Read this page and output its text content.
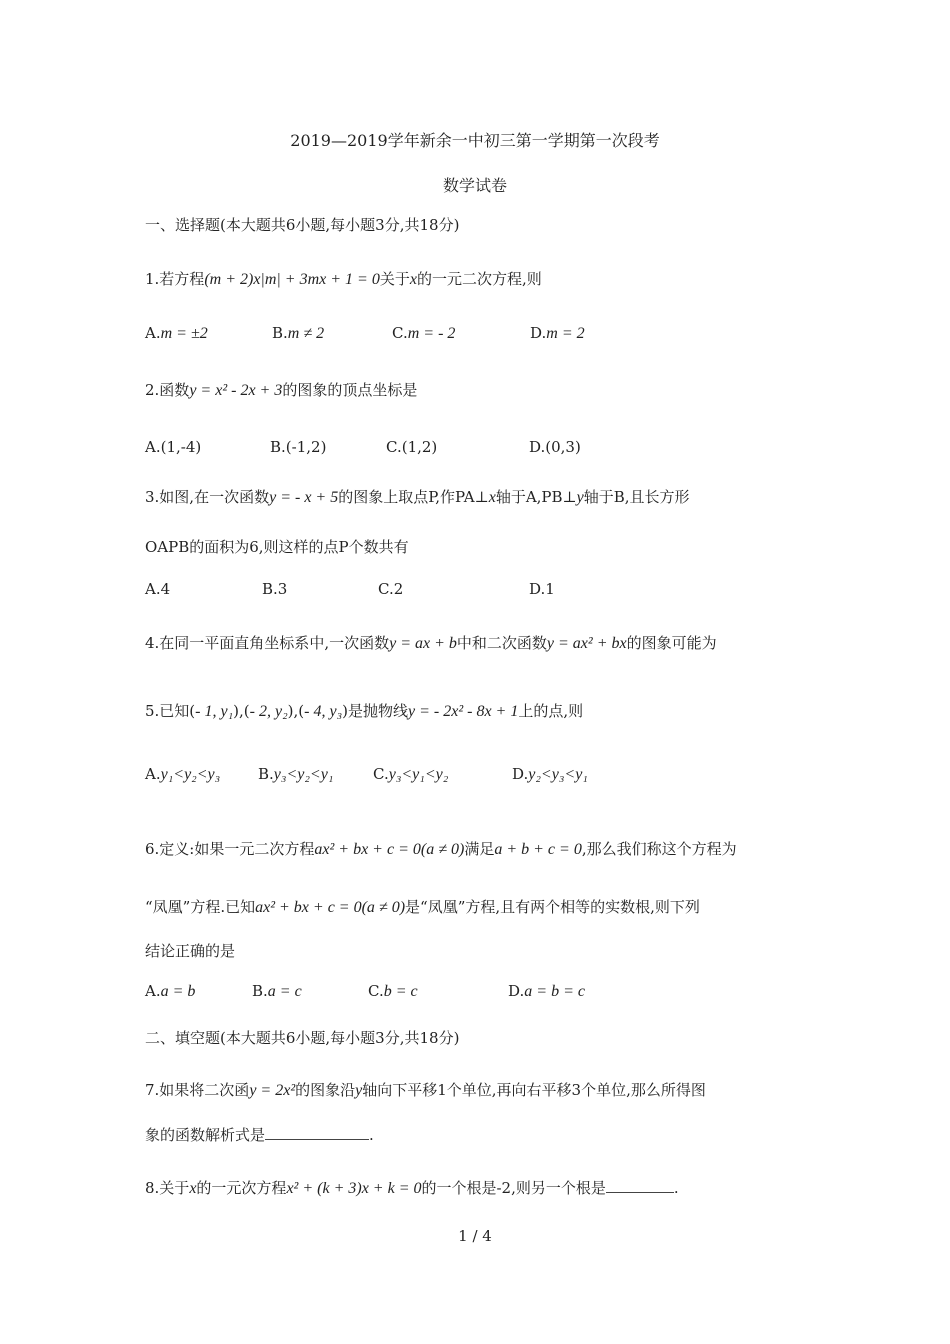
2019—2019学年新余一中初三第一学期第一次段考
数学试卷
一、选择题(本大题共6小题,每小题3分,共18分)
1.若方程(m + 2)x|m| + 3mx + 1 = 0关于x的一元二次方程,则
A.m = ±2	B.m ≠ 2	C.m = - 2	D.m = 2
2.函数y = x² - 2x + 3的图象的顶点坐标是
A.(1,-4)	B.(-1,2)	C.(1,2)	D.(0,3)
3.如图,在一次函数y = - x + 5的图象上取点P,作PA⊥x轴于A,PB⊥y轴于B,且长方形
OAPB的面积为6,则这样的点P个数共有
A.4	B.3	C.2	D.1
4.在同一平面直角坐标系中,一次函数y = ax + b中和二次函数y = ax² + bx的图象可能为
5.已知(- 1, y₁),(- 2, y₂),(- 4, y₃)是抛物线y = - 2x² - 8x + 1上的点,则
A.y₁<y₂<y₃	B.y₃<y₂<y₁	C.y₃<y₁<y₂	D.y₂<y₃<y₁
6.定义:如果一元二次方程ax² + bx + c = 0(a ≠ 0)满足a + b + c = 0,那么我们称这个方程为
“凤凰”方程.已知ax² + bx + c = 0(a ≠ 0)是“凤凰”方程,且有两个相等的实数根,则下列
结论正确的是
A.a = b	B.a = c	C.b = c	D.a = b = c
二、填空题(本大题共6小题,每小题3分,共18分)
7.如果将二次函y = 2x²的图象沿y轴向下平移1个单位,再向右平移3个单位,那么所得图
象的函数解析式是	.
8.关于x的一元次方程x² + (k + 3)x + k = 0的一个根是-2,则另一个根是	.
1 / 4
